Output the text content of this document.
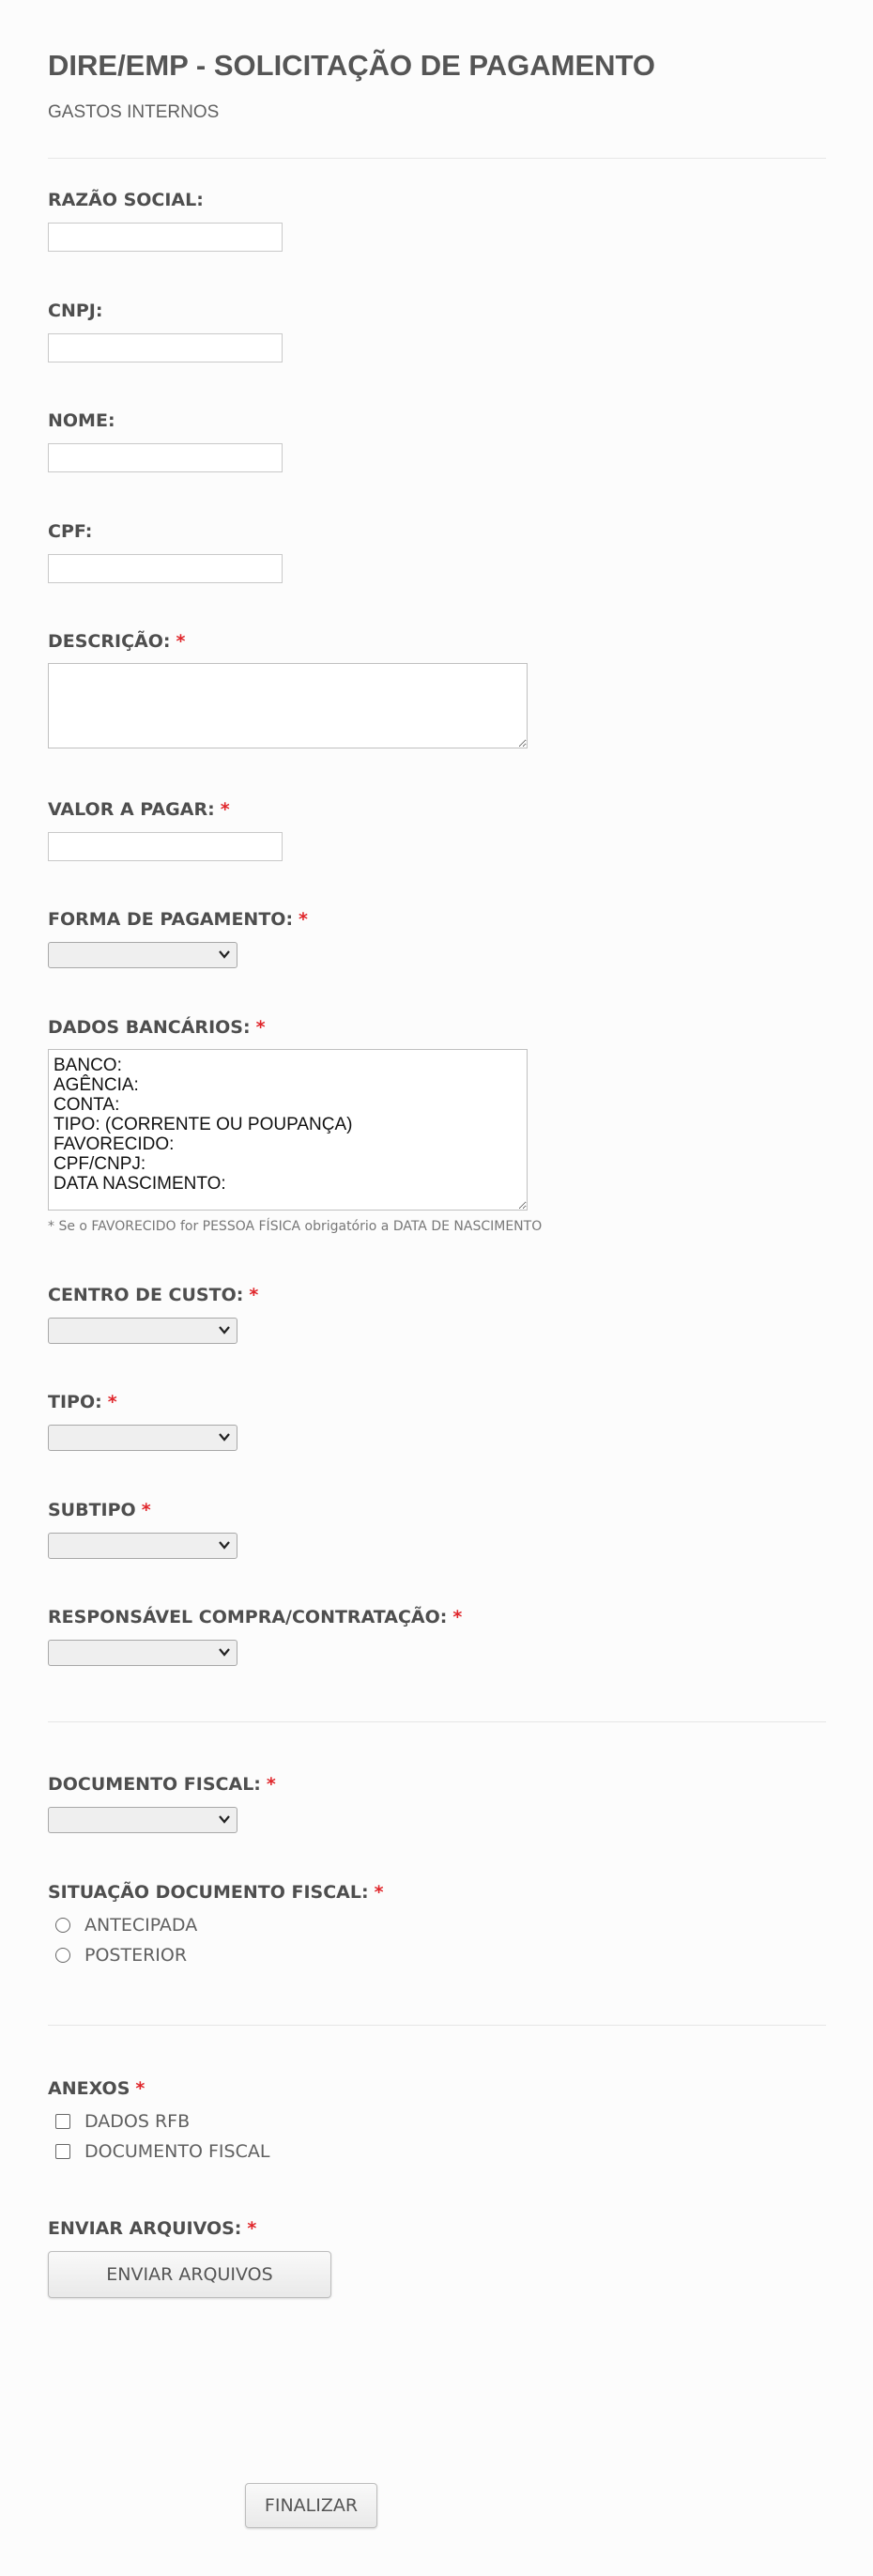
DIRE/EMP - SOLICITAÇÃO DE PAGAMENTO
GASTOS INTERNOS
RAZÃO SOCIAL:
CNPJ:
NOME:
CPF:
DESCRIÇÃO: *
VALOR A PAGAR: *
FORMA DE PAGAMENTO: *
DADOS BANCÁRIOS: *
BANCO: AGÊNCIA: CONTA: TIPO: (CORRENTE OU POUPANÇA) FAVORECIDO: CPF/CNPJ: DATA NASCIMENTO:
* Se o FAVORECIDO for PESSOA FÍSICA obrigatório a DATA DE NASCIMENTO
CENTRO DE CUSTO: *
TIPO: *
SUBTIPO *
RESPONSÁVEL COMPRA/CONTRATAÇÃO: *
DOCUMENTO FISCAL: *
SITUAÇÃO DOCUMENTO FISCAL: *
ANTECIPADA
POSTERIOR
ANEXOS *
DADOS RFB
DOCUMENTO FISCAL
ENVIAR ARQUIVOS: *
ENVIAR ARQUIVOS
FINALIZAR
